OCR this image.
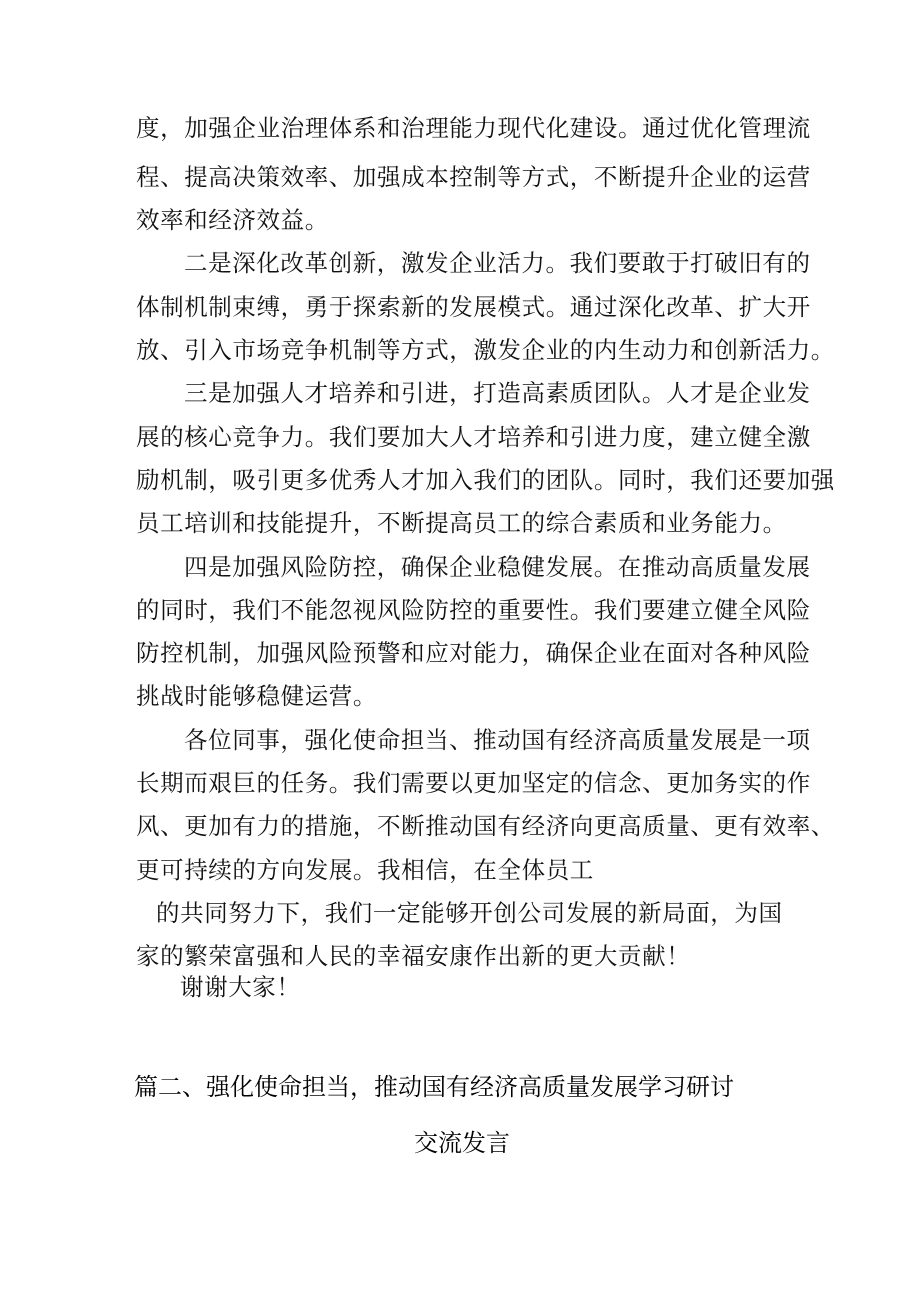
度，加强企业治理体系和治理能力现代化建设。通过优化管理流
程、提高决策效率、加强成本控制等方式，不断提升企业的运营
效率和经济效益。
二是深化改革创新，激发企业活力。我们要敢于打破旧有的
体制机制束缚，勇于探索新的发展模式。通过深化改革、扩大开
放、引入市场竞争机制等方式，激发企业的内生动力和创新活力。
三是加强人才培养和引进，打造高素质团队。人才是企业发
展的核心竞争力。我们要加大人才培养和引进力度，建立健全激
励机制，吸引更多优秀人才加入我们的团队。同时，我们还要加强
员工培训和技能提升，不断提高员工的综合素质和业务能力。
四是加强风险防控，确保企业稳健发展。在推动高质量发展
的同时，我们不能忽视风险防控的重要性。我们要建立健全风险
防控机制，加强风险预警和应对能力，确保企业在面对各种风险
挑战时能够稳健运营。
各位同事，强化使命担当、推动国有经济高质量发展是一项
长期而艰巨的任务。我们需要以更加坚定的信念、更加务实的作
风、更加有力的措施，不断推动国有经济向更高质量、更有效率、
更可持续的方向发展。我相信，在全体员工
的共同努力下，我们一定能够开创公司发展的新局面，为国
家的繁荣富强和人民的幸福安康作出新的更大贡献！
谢谢大家！
篇二、强化使命担当，推动国有经济高质量发展学习研讨
交流发言
